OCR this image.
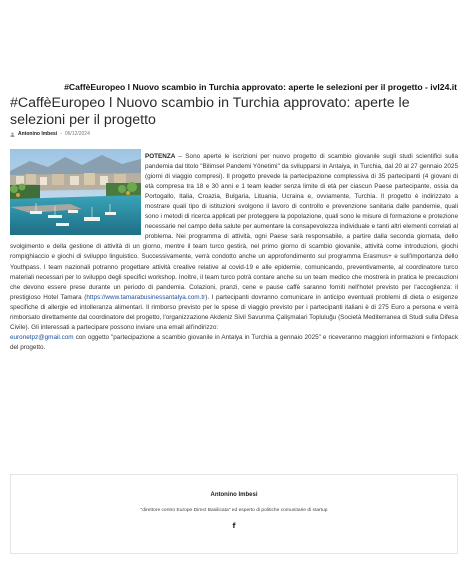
#CaffèEuropeo l Nuovo scambio in Turchia approvato: aperte le selezioni per il progetto - ivl24.it
#CaffèEuropeo l Nuovo scambio in Turchia approvato: aperte le selezioni per il progetto
Antonino Imbesi - 06/12/2024

POTENZA – Sono aperte le iscrizioni per nuovo progetto di scambio giovanile sugli studi scientifici sulla pandemia dal titolo "Bilimsel Pandemi Yönetimi" da svilupparsi in Antaiya, in Turchia, dal 20 al 27 gennaio 2025 (giorni di viaggio compresi). Il progetto prevede la partecipazione complessiva di 35 partecipanti (4 giovani di età compresa tra 18 e 30 anni e 1 team leader senza limite di età per ciascun Paese partecipante, ossia da Portogallo, Italia, Croazia, Bulgaria, Lituania, Ucraina e, ovviamente, Turchia. Il progetto è indirizzato a mostrare quali tipo di istituzioni svolgono il lavoro di controllo e prevenzione sanitaria dalle pandemie, quali sono i metodi di ricerca applicati per proteggere la popolazione, quali sono le misure di formazione e protezione necessarie nel campo della salute per aumentare la consapevolezza individuale e tanti altri elementi correlati al problema. Nei programma di attività, ogni Paese sarà responsabile, a partire dalla seconda giornata, dello svolgimento e della gestione di attività di un giorno, mentre il team turco gestirà, nel primo giorno di scambio giovanile, attività come introduzioni, giochi rompighiaccio e giochi di sviluppo linguistico. Successivamente, verrà condotto anche un approfondimento sul programma Erasmus+ e sull'importanza dello Youthpass. I team nazionali potranno progettare attività creative relative al covid-19 e alle epidemie, comunicando, preventivamente, al coordinatore turco materiali necessari per lo sviluppo degli specifici workshop. Inoltre, il team turco potrà contare anche su un team medico che mostrerà in pratica le precauzioni che devono essere prese durante un periodo di pandemia. Colazioni, pranzi, cene e pause caffè saranno forniti nell'hotel previsto per l'accoglienza: il prestigioso Hotel Tamara (https://www.tamarabusinessantalya.com.tr). I partecipanti dovranno comunicare in anticipo eventuali problemi di dieta o esigenze specifiche di allergie ed intolleranza alimentari. Il rimborso previsto per le spese di viaggio previsto per i partecipanti italiani è di 275 Euro a persona e verrà rimborsato direttamente dal coordinatore del progetto, l'organizzazione Akdeniz Sivil Savunma Çalişmalari Topluluğu (Società Mediterranea di Studi sulla Difesa Civile). Gli interessati a partecipare possono inviare una email all'indirizzo:
euronetpz@gmail.com con oggetto "partecipazione a scambio giovanile in Antalya in Turchia a gennaio 2025" e riceveranno maggiori informazioni e l'infopack del progetto.

Antonino Imbesi
"direttore centro Europe Direct Basilicata" ed esperto di politiche comunitarie di startup
f
